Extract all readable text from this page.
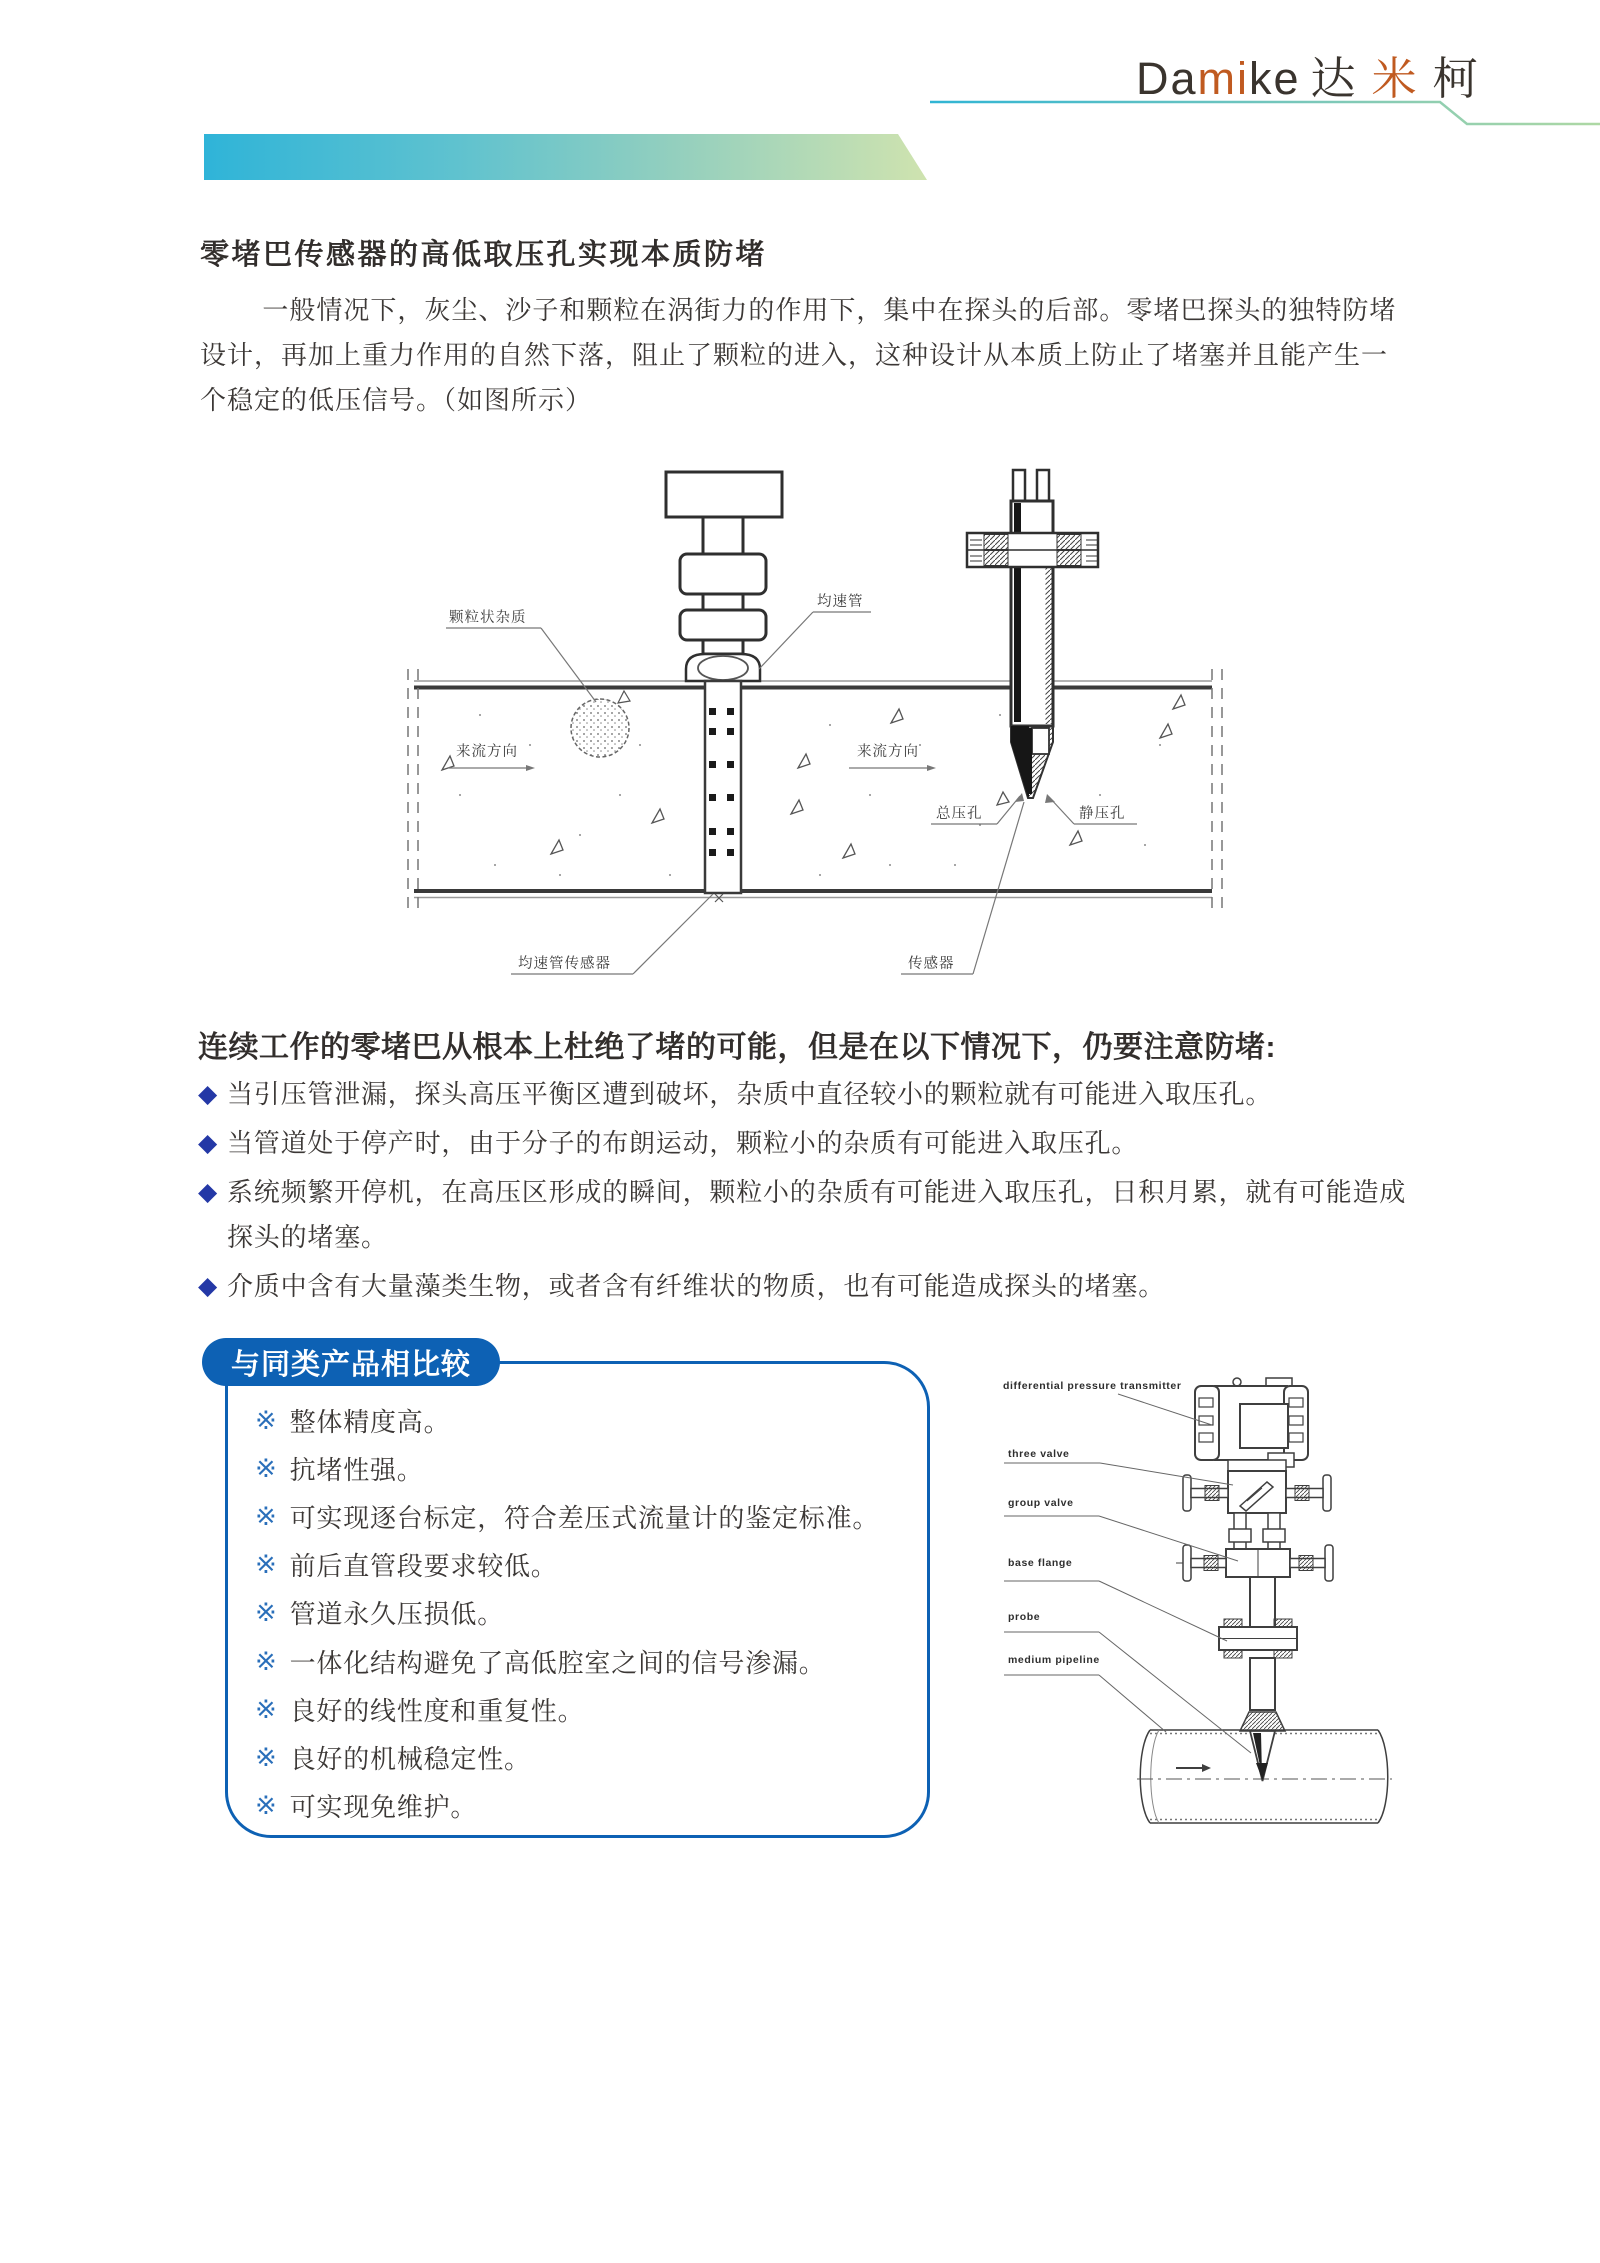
Damike 达 米 柯
零堵巴传感器的高低取压孔实现本质防堵
一般情况下，灰尘、沙子和颗粒在涡街力的作用下，集中在探头的后部。零堵巴探头的独特防堵
设计，再加上重力作用的自然下落，阻止了颗粒的进入，这种设计从本质上防止了堵塞并且能产生一
个稳定的低压信号。（如图所示）
颗粒状杂质
均速管
来流方向	来流方向
总压孔	静压孔
均速管传感器	传感器
连续工作的零堵巴从根本上杜绝了堵的可能，但是在以下情况下，仍要注意防堵:
◆ 当引压管泄漏，探头高压平衡区遭到破坏，杂质中直径较小的颗粒就有可能进入取压孔。
◆ 当管道处于停产时，由于分子的布朗运动，颗粒小的杂质有可能进入取压孔。
◆ 系统频繁开停机，在高压区形成的瞬间，颗粒小的杂质有可能进入取压孔，日积月累，就有可能造成探头的堵塞。
◆ 介质中含有大量藻类生物，或者含有纤维状的物质，也有可能造成探头的堵塞。
与同类产品相比较
※ 整体精度高。
※ 抗堵性强。
※ 可实现逐台标定，符合差压式流量计的鉴定标准。
※ 前后直管段要求较低。
※ 管道永久压损低。
※ 一体化结构避免了高低腔室之间的信号渗漏。
※ 良好的线性度和重复性。
※ 良好的机械稳定性。
※ 可实现免维护。
differential pressure transmitter
three valve
group valve
base flange
probe
medium pipeline
